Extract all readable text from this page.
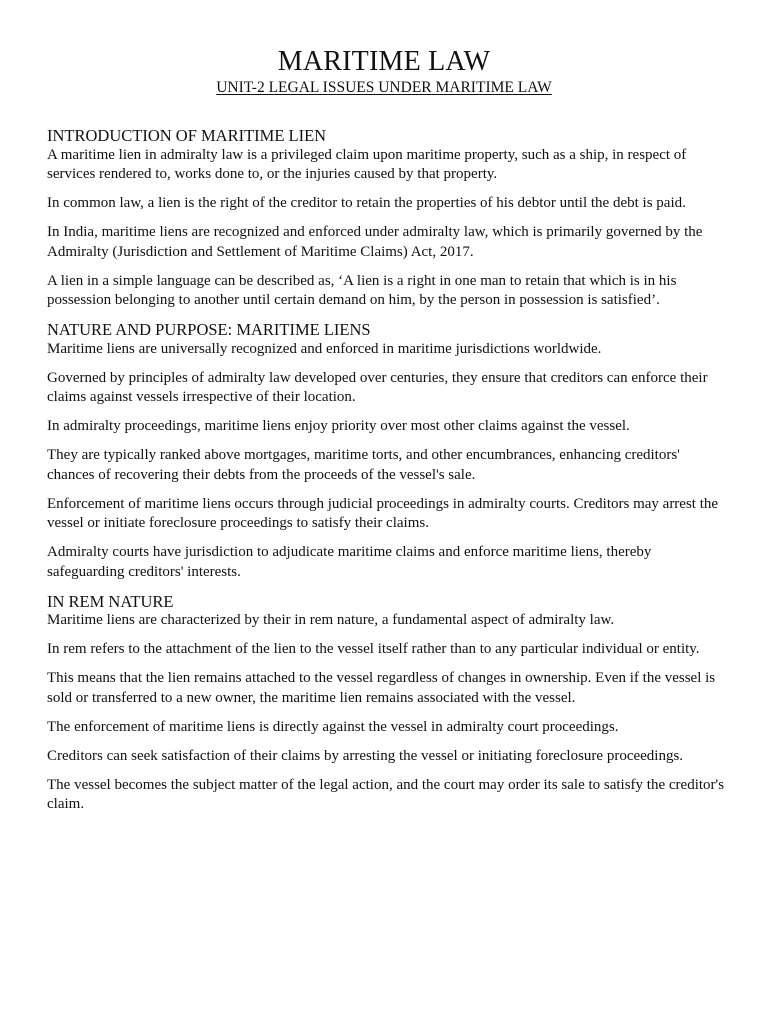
MARITIME LAW
UNIT-2 LEGAL ISSUES UNDER MARITIME LAW
INTRODUCTION OF MARITIME LIEN

A maritime lien in admiralty law is a privileged claim upon maritime property, such as a ship, in respect of services rendered to, works done to, or the injuries caused by that property.

In common law, a lien is the right of the creditor to retain the properties of his debtor until the debt is paid.

In India, maritime liens are recognized and enforced under admiralty law, which is primarily governed by the Admiralty (Jurisdiction and Settlement of Maritime Claims) Act, 2017.

A lien in a simple language can be described as, ‘A lien is a right in one man to retain that which is in his possession belonging to another until certain demand on him, by the person in possession is satisfied’.

NATURE AND PURPOSE: MARITIME LIENS

Maritime liens are universally recognized and enforced in maritime jurisdictions worldwide.

Governed by principles of admiralty law developed over centuries, they ensure that creditors can enforce their claims against vessels irrespective of their location.

In admiralty proceedings, maritime liens enjoy priority over most other claims against the vessel.

They are typically ranked above mortgages, maritime torts, and other encumbrances, enhancing creditors' chances of recovering their debts from the proceeds of the vessel's sale.

Enforcement of maritime liens occurs through judicial proceedings in admiralty courts. Creditors may arrest the vessel or initiate foreclosure proceedings to satisfy their claims.

Admiralty courts have jurisdiction to adjudicate maritime claims and enforce maritime liens, thereby safeguarding creditors' interests.

IN REM NATURE

Maritime liens are characterized by their in rem nature, a fundamental aspect of admiralty law.

In rem refers to the attachment of the lien to the vessel itself rather than to any particular individual or entity.

This means that the lien remains attached to the vessel regardless of changes in ownership. Even if the vessel is sold or transferred to a new owner, the maritime lien remains associated with the vessel.

The enforcement of maritime liens is directly against the vessel in admiralty court proceedings.

Creditors can seek satisfaction of their claims by arresting the vessel or initiating foreclosure proceedings.

The vessel becomes the subject matter of the legal action, and the court may order its sale to satisfy the creditor's claim.
